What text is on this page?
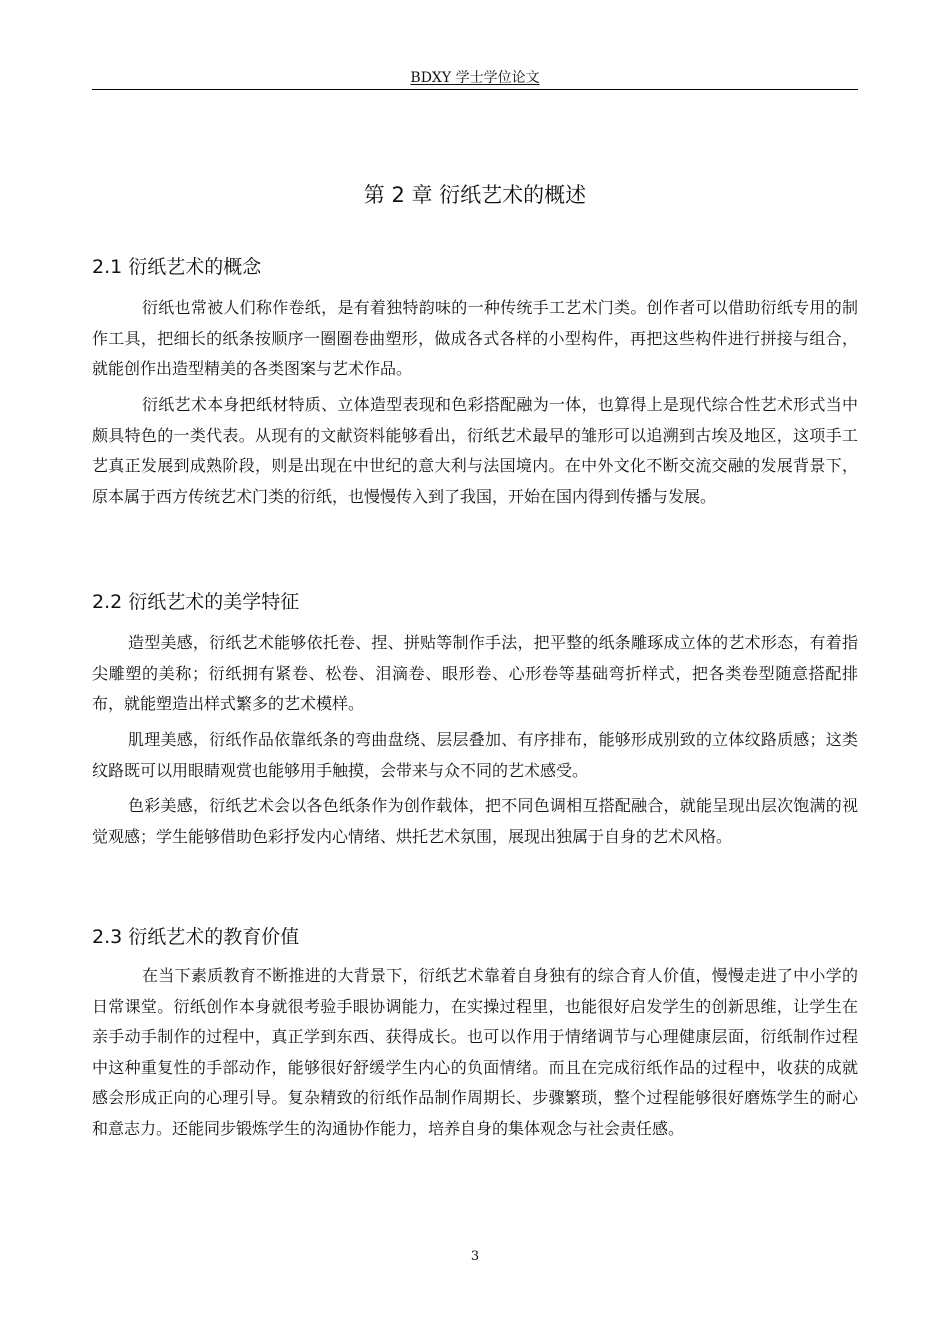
BDXY 学士学位论文
第 2 章 衍纸艺术的概述
2.1 衍纸艺术的概念

衍纸也常被人们称作卷纸，是有着独特韵味的一种传统手工艺术门类。创作者可以借助衍纸专用的制作工具，把细长的纸条按顺序一圈圈卷曲塑形，做成各式各样的小型构件，再把这些构件进行拼接与组合，就能创作出造型精美的各类图案与艺术作品。

衍纸艺术本身把纸材特质、立体造型表现和色彩搭配融为一体，也算得上是现代综合性艺术形式当中颇具特色的一类代表。从现有的文献资料能够看出，衍纸艺术最早的雏形可以追溯到古埃及地区，这项手工艺真正发展到成熟阶段，则是出现在中世纪的意大利与法国境内。在中外文化不断交流交融的发展背景下，原本属于西方传统艺术门类的衍纸，也慢慢传入到了我国，开始在国内得到传播与发展。

2.2 衍纸艺术的美学特征

造型美感，衍纸艺术能够依托卷、捏、拼贴等制作手法，把平整的纸条雕琢成立体的艺术形态，有着指尖雕塑的美称；衍纸拥有紧卷、松卷、泪滴卷、眼形卷、心形卷等基础弯折样式，把各类卷型随意搭配排布，就能塑造出样式繁多的艺术模样。

肌理美感，衍纸作品依靠纸条的弯曲盘绕、层层叠加、有序排布，能够形成别致的立体纹路质感；这类纹路既可以用眼睛观赏也能够用手触摸，会带来与众不同的艺术感受。

色彩美感，衍纸艺术会以各色纸条作为创作载体，把不同色调相互搭配融合，就能呈现出层次饱满的视觉观感；学生能够借助色彩抒发内心情绪、烘托艺术氛围，展现出独属于自身的艺术风格。

2.3 衍纸艺术的教育价值

在当下素质教育不断推进的大背景下，衍纸艺术靠着自身独有的综合育人价值，慢慢走进了中小学的日常课堂。衍纸创作本身就很考验手眼协调能力，在实操过程里，也能很好启发学生的创新思维，让学生在亲手动手制作的过程中，真正学到东西、获得成长。也可以作用于情绪调节与心理健康层面，衍纸制作过程中这种重复性的手部动作，能够很好舒缓学生内心的负面情绪。而且在完成衍纸作品的过程中，收获的成就感会形成正向的心理引导。复杂精致的衍纸作品制作周期长、步骤繁琐，整个过程能够很好磨炼学生的耐心和意志力。还能同步锻炼学生的沟通协作能力，培养自身的集体观念与社会责任感。

3
